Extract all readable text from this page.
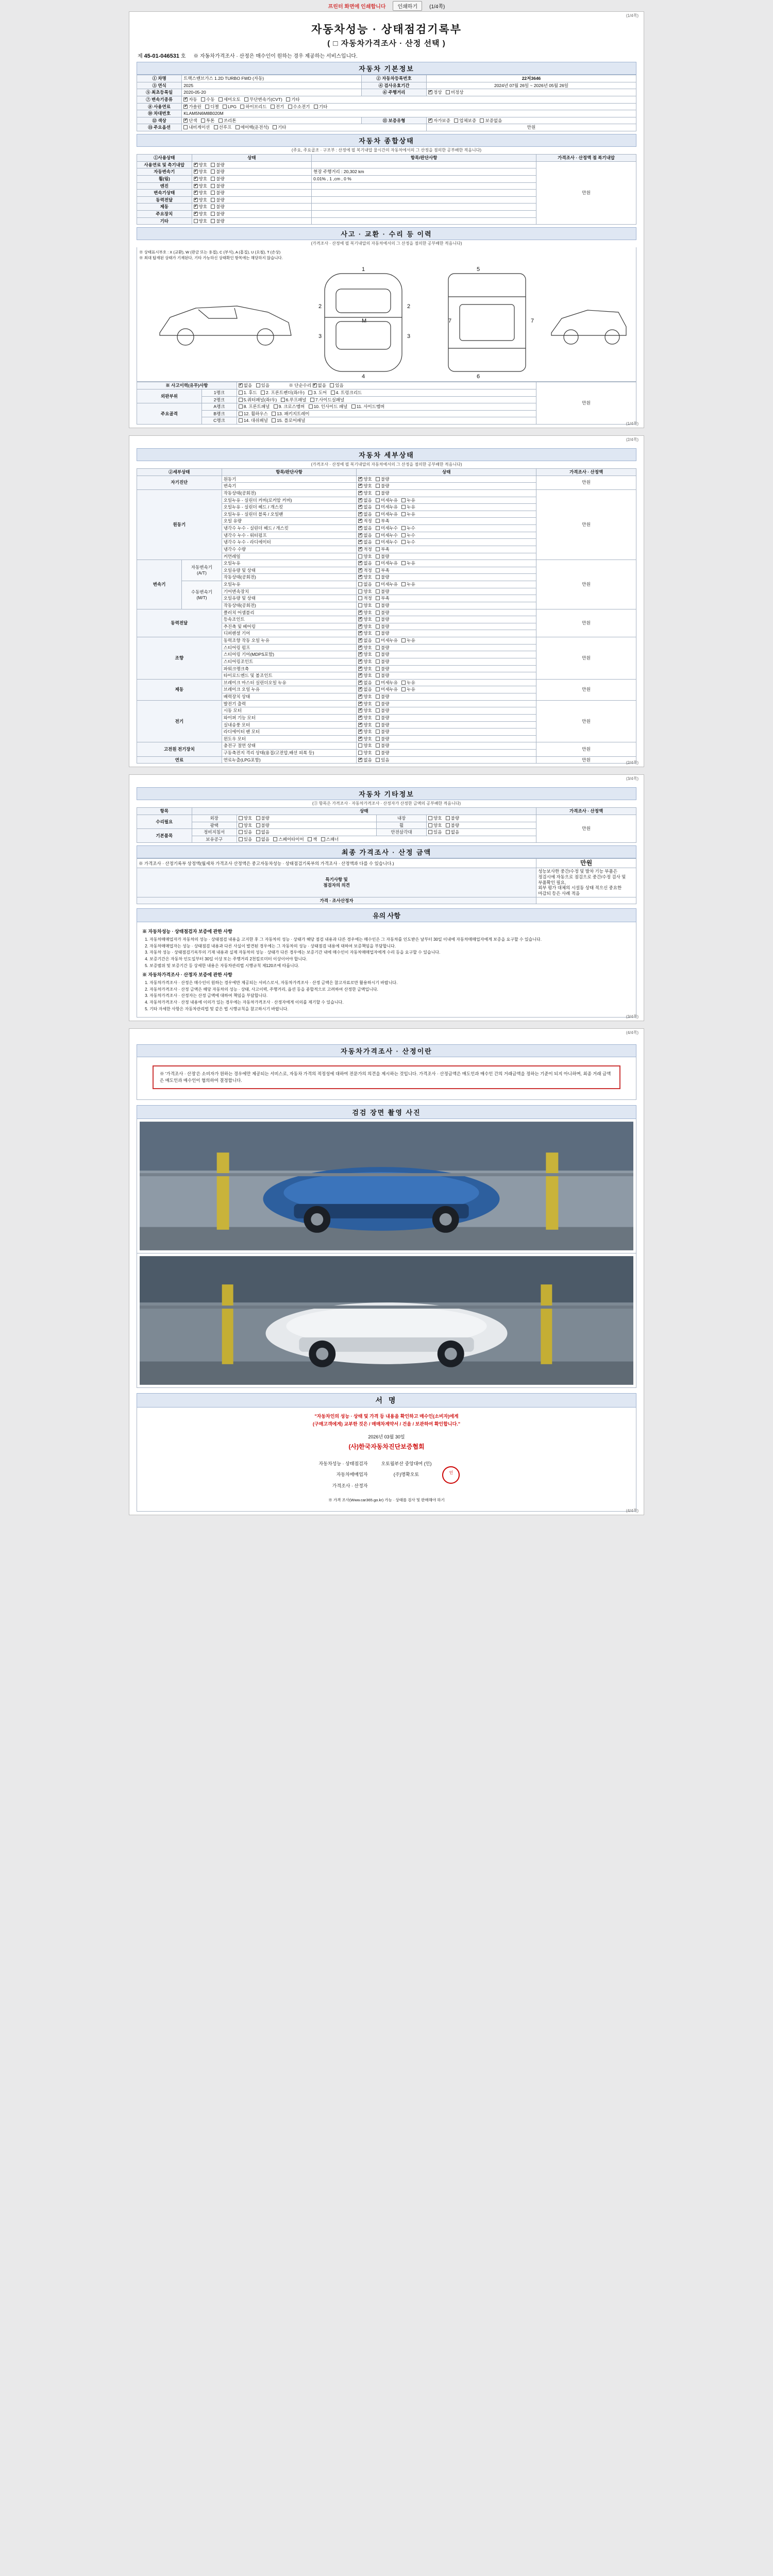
프린터 화면에 인쇄합니다	인쇄하기	(1/4쪽)
(1/4쪽)
자동차성능 · 상태점검기록부
( □ 자동차가격조사 · 산정 선택 )
제 45-01-046531 호 ※ 자동차가격조사 · 산정은 매수인이 원하는 경우 제공하는 서비스입니다.
자동차 기본정보
① 차명	트랙스밴브가스 1.2D TURBO FWD (자동)	② 자동차등록번호	22저3646
③ 연식	2025	④ 검사유효기간	2024년 07월 26일 ~ 2026년 05월 26일
⑤ 최초등록일	2020-05-20	⑥ 주행거리	✔정상 비정상
⑦ 변속기종류	✔자동 수동 세미오토 무단변속기(CVT) 기타
⑧ 사용연료	✔가솔린 디젤 LPG 하이브리드 전기 수소전기 기타
⑩ 차대번호	KLAM5N6M8B020M		
⑫ 색상	✔단색 투톤 쓰리톤	⑪ 보증유형	✔자가보증 업체보증 보증없음
⑬ 주요옵션	내비게이션 선루프 에어백(운전석) 기타		만원
자동차 종합상태
(주요, 주요골조 · 구조부 : 산정에 필 복기내압 물시간의 자동차에서의 그 산정을 점의한 공부배한 적음니다)
①사용상태	상태	항목/판단사항	가격조사 · 산정액 점 복기내압
사용연료 및 측기내압	✔양호 불량		만원
자동변속기	✔양호 불량	현장 주행거리 : 20,302 km	
휠(림)	✔양호 불량	0.01% , 1 ,cm , 0 %	
엔진	✔양호 불량	
변속기상태	✔양호 불량	
동력전달	✔양호 불량	
제동	✔양호 불량	
주요장치	✔양호 불량	
기타	양호 불량		
사고 · 교환 · 수리 등 이력
(가격조사 · 산정에 필 복기내압의 자동차에서의 그 산정을 점의한 공부배한 적음니다)
※ 상태표시부호 : X (교환), W (판금 또는 용접), C (부식), A (흠집), U (요철), T (손상)
※ 최대 탑재된 상태가 기재된다, 기타 가능하신 상태확인 항목에는 해당하지 않습니다.
1
2	2
3	3
4
M
5
6
7	7
※ 사고이력(유무)사항	✔없음 있음 ※ 단순수리 ✔ 없음 있음	만원
외판부위	1랭크	1. 후드 2. 프론트펜더(좌/우) 3. 도어 4. 트렁크리드	
	2랭크	5.쿼터패널(좌/우) 6.루프패널 7.사이드실패널	
주요골격	A랭크	8. 프론트패널 9. 크로스멤버 10. 인사이드 패널 11. 사이드멤버	
	B랭크	12. 휠하우스 13. 패키지트레이	
	C랭크	14. 대쉬패널 15. 플로어패널	
(1/4쪽)
(2/4쪽)
자동차 세부상태
(가격조사 · 산정에 필 복기내압의 자동차에서의 그 산정을 점의한 공부배한 적음니다)
②세부상태		항목/판단사항	상태	가격조사 · 산정액
자기진단		원동기	✔양호 불량	만원
		변속기	✔양호 불량
원동기		작동상태(공회전)	✔양호 불량	만원
		오일누유 - 실린더 커버(로커암 커버)	✔없음 미세누유 누유
		오일누유 - 실린더 헤드 / 개스킷	✔없음 미세누유 누유
		오일누유 - 실린더 블록 / 오일팬	✔없음 미세누유 누유
		오일 유량	✔적정 부족
		냉각수 누수 - 실린더 헤드 / 개스킷	✔없음 미세누수 누수
		냉각수 누수 - 워터펌프	✔없음 미세누수 누수
		냉각수 누수 - 라디에이터	✔없음 미세누수 누수
		냉각수 수량	✔적정 부족
		커먼레일	양호 불량	
변속기	자동변속기
(A/T)	오일누유	✔없음 미세누유 누유	만원
		오일유량 및 상태	✔적정 부족
		작동상태(공회전)	✔양호 불량
	수동변속기
(M/T)	오일누유	없음 미세누유 누유	
		기어변속장치	양호 불량	
		오일유량 및 상태	적정 부족	
		작동상태(공회전)	양호 불량	
동력전달		클러치 어셈블리	✔양호 불량	만원
		등속조인트	✔양호 불량
		추진축 및 베어링	✔양호 불량
		디퍼렌셜 기어	✔양호 불량
조향		동력조향 작동 오일 누유	✔없음 미세누유 누유	만원
		스티어링 펌프	✔양호 불량
		스티어링 기어(MDPS포함)	✔양호 불량
		스티어링조인트	✔양호 불량
		파워크랭크축	✔양호 불량
		타이로드엔드 및 볼조인트	✔양호 불량
제동		브레이크 마스터 실린더오일 누유	✔없음 미세누유 누유	만원
		브레이크 오일 누유	✔없음 미세누유 누유
		배력장치 상태	✔양호 불량
전기		발전기 출력	✔양호 불량	만원
		시동 모터	✔양호 불량
		와이퍼 기능 모터	✔양호 불량
		실내송풍 모터	✔양호 불량
		라디에이터 팬 모터	✔양호 불량
		윈도우 모터	✔양호 불량
고전원 전기장치		충전구 절연 상태	양호 불량	만원
		구동축전지 격리 상태(용접/고전압,배선 피복 등)	양호 불량	
연료		연료누출(LPG포함)	✔없음 있음	만원
(2/4쪽)
(3/4쪽)
자동차 기타정보
(③ 항목은 가격조사 · 자동차가격조사 · 산정자가 산정한 금액의 공부배한 적음니다)
항목	상태				가격조사 · 산정액
수리필요	외장	양호 불량	내장	양호 불량	만원
	광택	양호 불량	휠	양호 불량	
기본품목	정비지침서	있음 없음	안전삼각대	있음 없음	
	보유공구	있음 없음 스페어타이어 잭 스패너			
최종 가격조사 · 산정 금액
※ 가격조사 · 산정기록부 상정액(월세차 가격조사 산정액은 중고자동차성능 · 상태점검기록부의 가격조사 · 산정액과 다를 수 있습니다.)	만원
특기사항 및
점검자의 의견	성능보사한 중간/수정 및 발차 기능 부품은 정검시에 자동으로 점검으로 중간/수정 검사 및 부품확인 필요,
외부 평가 대체의 시설동 상태 적으신 중요한 마감되 등은 사례 적음
가격 · 조사산정자	
유의 사항
※ 자동차성능 · 상태점검자 보증에 관한 사항
1. 자동차매매업자가 자동차의 성능 · 상태점검 내용을 고지한 후 그 자동차의 성능 · 상태가 해당 점검 내용과 다른 경우에는 매수인은 그 자동차를 인도받은 날부터 30일 이내에 자동차매매업자에게 보증을 요구할 수 있습니다.
2. 자동차매매업자는 성능 · 상태점검 내용과 다른 사실이 발견된 경우에는 그 자동차의 성능 · 상태점검 내용에 대하여 보증책임을 부담합니다.
3. 자동차 성능 · 상태점검기록부의 기재 내용과 실제 자동차의 성능 · 상태가 다른 경우에는 보증기간 내에 매수인이 자동차매매업자에게 수리 등을 요구할 수 있습니다.
4. 보증기간은 자동차 인도일부터 30일 이상 또는 주행거리 2천킬로미터 이상이어야 합니다.
5. 보증범위 및 보증기간 등 상세한 내용은 자동차관리법 시행규칙 제120조에 따릅니다.
※ 자동차가격조사 · 산정자 보증에 관한 사항
1. 자동차가격조사 · 산정은 매수인이 원하는 경우에만 제공되는 서비스로서, 자동차가격조사 · 산정 금액은 참고자료로만 활용하시기 바랍니다.
2. 자동차가격조사 · 산정 금액은 해당 자동차의 성능 · 상태, 사고이력, 주행거리, 옵션 등을 종합적으로 고려하여 산정한 금액입니다.
3. 자동차가격조사 · 산정자는 산정 금액에 대하여 책임을 부담합니다.
4. 자동차가격조사 · 산정 내용에 이의가 있는 경우에는 자동차가격조사 · 산정자에게 이의를 제기할 수 있습니다.
5. 기타 자세한 사항은 자동차관리법 및 같은 법 시행규칙을 참고하시기 바랍니다.
(3/4쪽)
(4/4쪽)
자동차가격조사 · 산정이란
※ '가격조사 · 산정'은 소비자가 원하는 경우에만 제공되는 서비스로, 자동차 가격의 적정성에 대하여 전문가의 의견을 제시하는 것입니다. 가격조사 · 산정금액은 매도인과 매수인 간의 거래금액을 정하는 기준이 되지 아니하며, 최종 거래 금액은 매도인과 매수인이 협의하여 결정합니다.
검검 장면 촬영 사진
서 명
"자동차인의 성능 · 상태 및 가격 등 내용을 확인하고 매수인(소비자)에게
(구매고객에게) 교부한 것은 / 매매차계약서 / 건을 / 보관하여 확인합니다."
2026년 03월 30일
(사)한국자동차진단보증협회
자동차성능 · 상태점검자	오토월부산 중앙대여 (인)	인
자동차매매업자	(주)명확오토	
가격조사 · 산정자		
※ 가격 조사(Www.car365.go.kr) 가능 · 상태를 검사 및 판매해야 하기
(4/4쪽)
